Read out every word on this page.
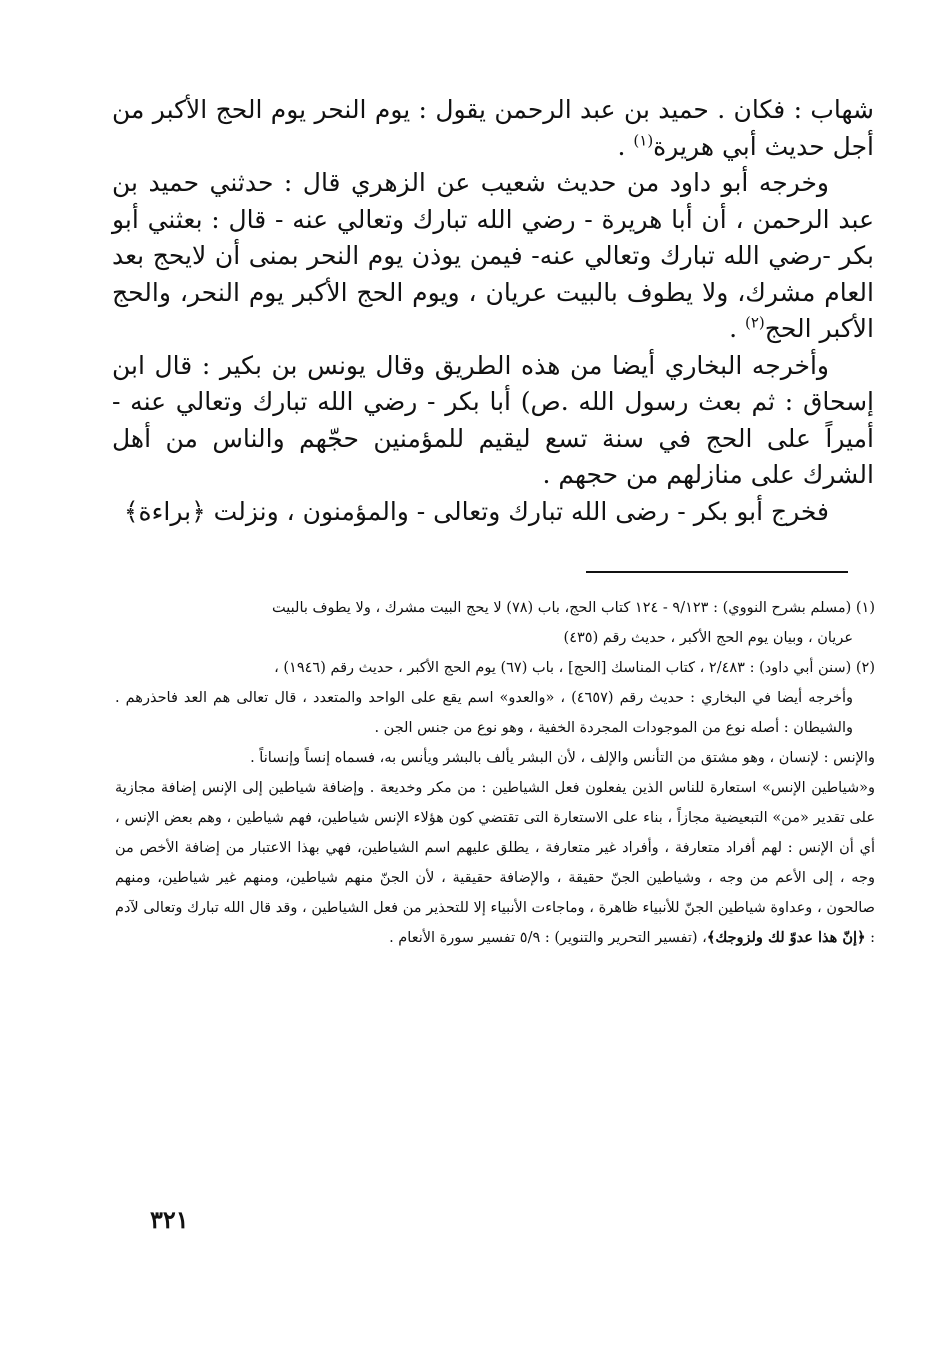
شهاب : فكان . حميد بن عبد الرحمن يقول : يوم النحر يوم الحج الأكبر من أجل حديث أبي هريرة$^{(١)}$ .

وخرجه أبو داود من حديث شعيب عن الزهري قال : حدثني حميد بن عبد الرحمن ، أن أبا هريرة - رضي الله تبارك وتعالي عنه - قال : بعثني أبو بكر -رضي الله تبارك وتعالي عنه- فيمن يوذن يوم النحر بمنى أن لايحج بعد العام مشرك، ولا يطوف بالبيت عريان ، ويوم الحج الأكبر يوم النحر، والحج الأكبر الحج$^{(٢)}$ .

وأخرجه البخاري أيضا من هذه الطريق وقال يونس بن بكير : قال ابن إسحاق : ثم بعث رسول الله .ص) أبا بكر - رضي الله تبارك وتعالي عنه - أميراً على الحج في سنة تسع ليقيم للمؤمنين حجّهم والناس من أهل الشرك على منازلهم من حجهم .

فخرج أبو بكر - رضى الله تبارك وتعالى - والمؤمنون ، ونزلت ﴿براءة﴾

(١) (مسلم بشرح النووي) : ٩/١٢٣ - ١٢٤ كتاب الحج، باب (٧٨) لا يحج البيت مشرك ، ولا يطوف بالبيت

عريان ، وبيان يوم الحج الأكبر ، حديث رقم (٤٣٥)

(٢) (سنن أبي داود) : ٢/٤٨٣ ، كتاب المناسك [الحج] ، باب (٦٧) يوم الحج الأكبر ، حديث رقم (١٩٤٦) ،

وأخرجه أيضا في البخاري : حديث رقم (٤٦٥٧) ، «والعدو» اسم يقع على الواحد والمتعدد ، قال تعالى هم العد فاحذرهم . والشيطان : أصله نوع من الموجودات المجردة الخفية ، وهو نوع من جنس الجن .

والإنس : لإنسان ، وهو مشتق من التأنس والإلف ، لأن البشر يألف بالبشر ويأنس به، فسماه إنساً وإنساناً .

و«شياطين الإنس» استعارة للناس الذين يفعلون فعل الشياطين : من مكر وخديعة . وإضافة شياطين إلى الإنس إضافة مجازية على تقدير «من» التبعيضية مجازاً ، بناء على الاستعارة التى تقتضي كون هؤلاء الإنس شياطين، فهم شياطين ، وهم بعض الإنس ، أي أن الإنس : لهم أفراد متعارفة ، وأفراد غير متعارفة ، يطلق عليهم اسم الشياطين، فهي بهذا الاعتبار من إضافة الأخص من وجه ، إلى الأعم من وجه ، وشياطين الجنّ حقيقة ، والإضافة حقيقية ، لأن الجنّ منهم شياطين، ومنهم غير شياطين، ومنهم صالحون ، وعداوة شياطين الجنّ للأنبياء ظاهرة ، وماجاءت الأنبياء إلا للتحذير من فعل الشياطين ، وقد قال الله تبارك وتعالى لآدم : ﴿إنّ هذا عدوّ لك ولزوجك﴾، (تفسير التحرير والتنوير) : ٥/٩ تفسير سورة الأنعام .

٣٢١
